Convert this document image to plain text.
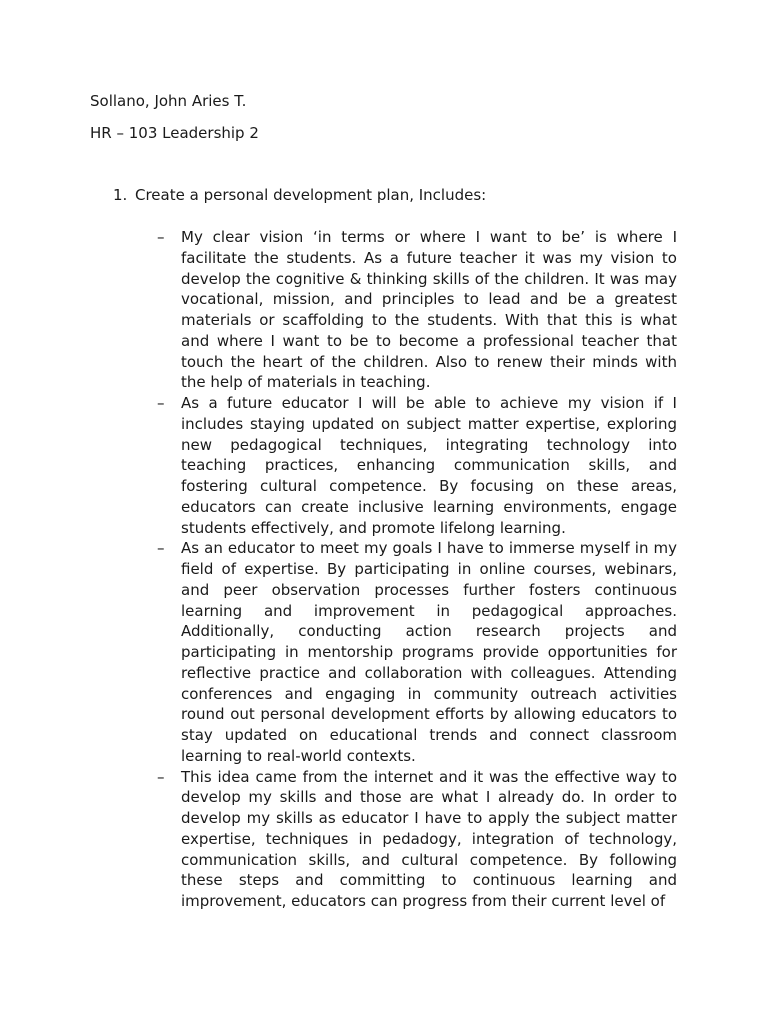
Sollano, John Aries T.
HR – 103 Leadership 2
1. Create a personal development plan, Includes:
– My clear vision ‘in terms or where I want to be’ is where I facilitate the students. As a future teacher it was my vision to develop the cognitive & thinking skills of the children. It was may vocational, mission, and principles to lead and be a greatest materials or scaffolding to the students. With that this is what and where I want to be to become a professional teacher that touch the heart of the children. Also to renew their minds with the help of materials in teaching.
– As a future educator I will be able to achieve my vision if I includes staying updated on subject matter expertise, exploring new pedagogical techniques, integrating technology into teaching practices, enhancing communication skills, and fostering cultural competence. By focusing on these areas, educators can create inclusive learning environments, engage students effectively, and promote lifelong learning.
– As an educator to meet my goals I have to immerse myself in my field of expertise. By participating in online courses, webinars, and peer observation processes further fosters continuous learning and improvement in pedagogical approaches. Additionally, conducting action research projects and participating in mentorship programs provide opportunities for reflective practice and collaboration with colleagues. Attending conferences and engaging in community outreach activities round out personal development efforts by allowing educators to stay updated on educational trends and connect classroom learning to real-world contexts.
– This idea came from the internet and it was the effective way to develop my skills and those are what I already do. In order to develop my skills as educator I have to apply the subject matter expertise, techniques in pedadogy, integration of technology, communication skills, and cultural competence. By following these steps and committing to continuous learning and improvement, educators can progress from their current level of
